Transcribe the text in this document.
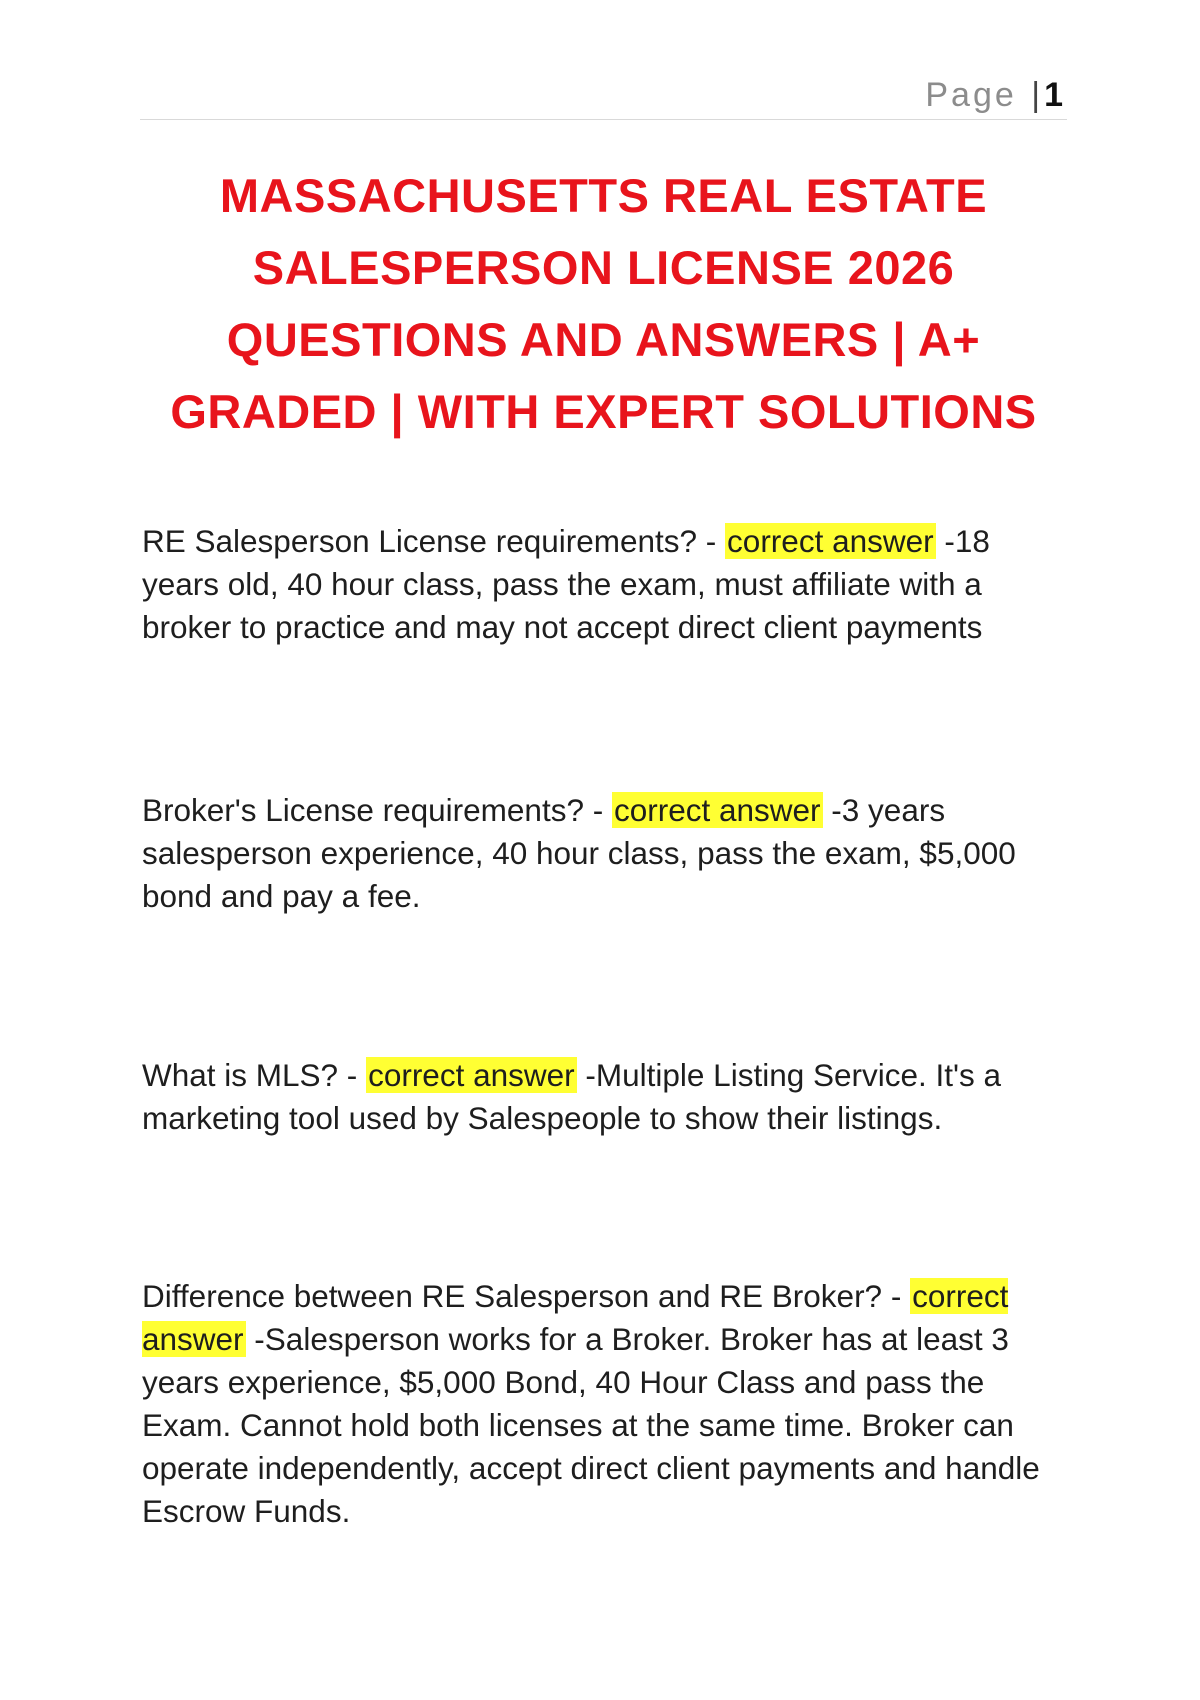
Page | 1
MASSACHUSETTS REAL ESTATE
SALESPERSON LICENSE 2026
QUESTIONS AND ANSWERS | A+
GRADED | WITH EXPERT SOLUTIONS
RE Salesperson License requirements? - correct answer -18 years old, 40 hour class, pass the exam, must affiliate with a broker to practice and may not accept direct client payments
Broker's License requirements? - correct answer -3 years salesperson experience, 40 hour class, pass the exam, $5,000 bond and pay a fee.
What is MLS? - correct answer -Multiple Listing Service. It's a marketing tool used by Salespeople to show their listings.
Difference between RE Salesperson and RE Broker? - correct answer -Salesperson works for a Broker. Broker has at least 3 years experience, $5,000 Bond, 40 Hour Class and pass the Exam. Cannot hold both licenses at the same time. Broker can operate independently, accept direct client payments and handle Escrow Funds.
